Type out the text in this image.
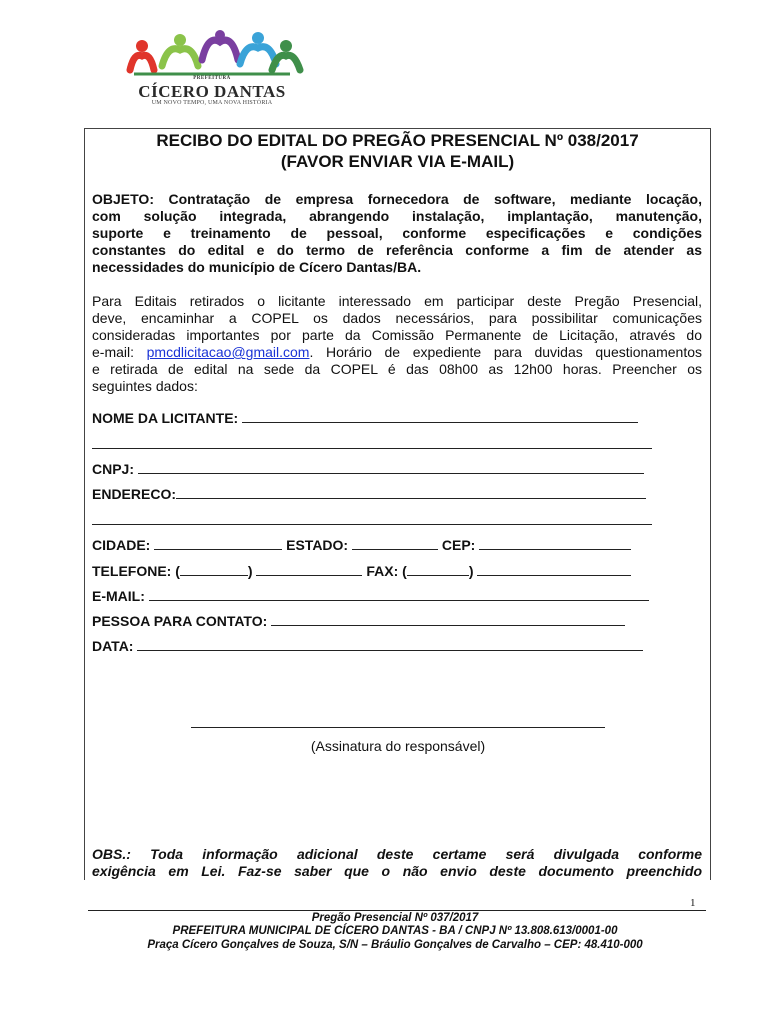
PREFEITURA
CÍCERO DANTAS
UM NOVO TEMPO, UMA NOVA HISTÓRIA
RECIBO DO EDITAL DO PREGÃO PRESENCIAL Nº 038/2017
(FAVOR ENVIAR VIA E-MAIL)
OBJETO: Contratação de empresa fornecedora de software, mediante locação,
com solução integrada, abrangendo instalação, implantação, manutenção,
suporte e treinamento de pessoal, conforme especificações e condições
constantes do edital e do termo de referência conforme a fim de atender as
necessidades do município de Cícero Dantas/BA.
Para Editais retirados o licitante interessado em participar deste Pregão Presencial,
deve, encaminhar a COPEL os dados necessários, para possibilitar comunicações
consideradas importantes por parte da Comissão Permanente de Licitação, através do
e-mail: pmcdlicitacao@gmail.com. Horário de expediente para duvidas questionamentos
e retirada de edital na sede da COPEL é das 08h00 as 12h00 horas. Preencher os
seguintes dados:
NOME DA LICITANTE:
CNPJ:
ENDERECO:
CIDADE:	ESTADO:	CEP:
TELEFONE: (	)	FAX: (	)
E-MAIL:
PESSOA PARA CONTATO:
DATA:
(Assinatura do responsável)
OBS.: Toda informação adicional deste certame será divulgada conforme
exigência em Lei. Faz-se saber que o não envio deste documento preenchido
1
Pregão Presencial Nº 037/2017
PREFEITURA MUNICIPAL DE CÍCERO DANTAS - BA / CNPJ Nº 13.808.613/0001-00
Praça Cícero Gonçalves de Souza, S/N – Bráulio Gonçalves de Carvalho – CEP: 48.410-000
